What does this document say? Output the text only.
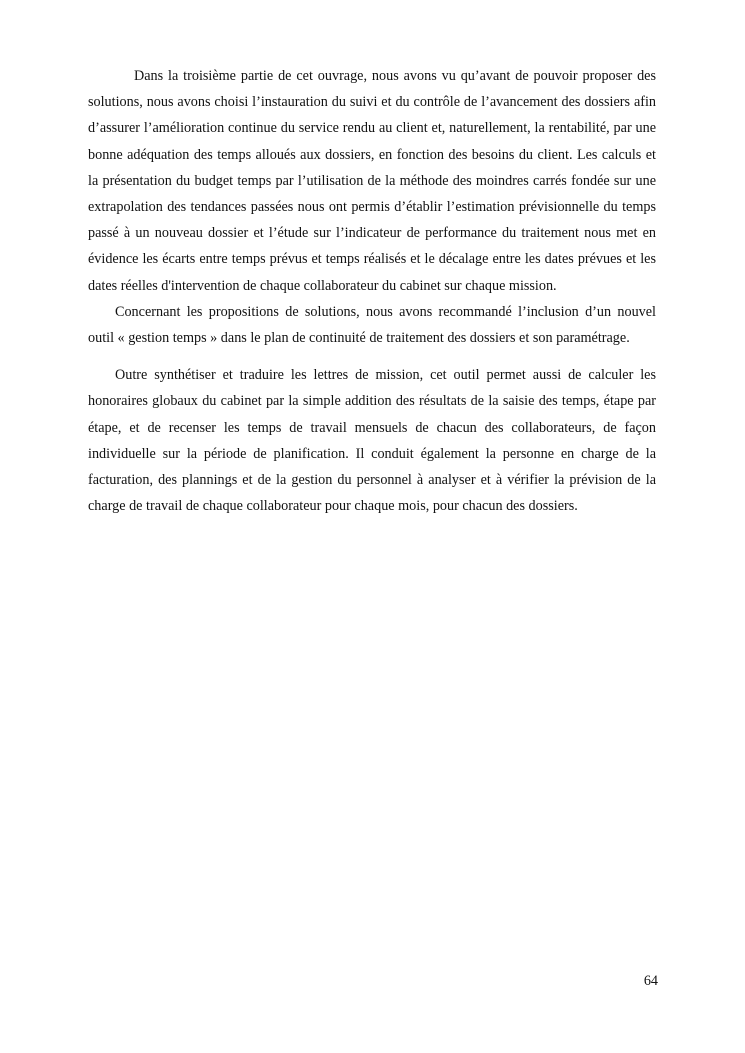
Dans la troisième partie de cet ouvrage, nous avons vu qu’avant de pouvoir proposer des solutions, nous avons choisi l’instauration du suivi et du contrôle de l’avancement des dossiers afin d’assurer l’amélioration continue du service rendu au client et, naturellement, la rentabilité, par une bonne adéquation des temps alloués aux dossiers, en fonction des besoins du client. Les calculs et la présentation du budget temps par l’utilisation de la méthode des moindres carrés fondée sur une extrapolation des tendances passées nous ont permis d’établir l’estimation prévisionnelle du temps passé à un nouveau dossier et l’étude sur l’indicateur de performance du traitement nous met en évidence les écarts entre temps prévus et temps réalisés et le décalage entre les dates prévues et les dates réelles d'intervention de chaque collaborateur du cabinet sur chaque mission.

Concernant les propositions de solutions, nous avons recommandé l’inclusion d’un nouvel outil « gestion temps » dans le plan de continuité de traitement des dossiers et son paramétrage.

Outre synthétiser et traduire les lettres de mission, cet outil permet aussi de calculer les honoraires globaux du cabinet par la simple addition des résultats de la saisie des temps, étape par étape, et de recenser les temps de travail mensuels de chacun des collaborateurs, de façon individuelle sur la période de planification. Il conduit également la personne en charge de la facturation, des plannings et de la gestion du personnel à analyser et à vérifier la prévision de la charge de travail de chaque collaborateur pour chaque mois, pour chacun des dossiers.

64
